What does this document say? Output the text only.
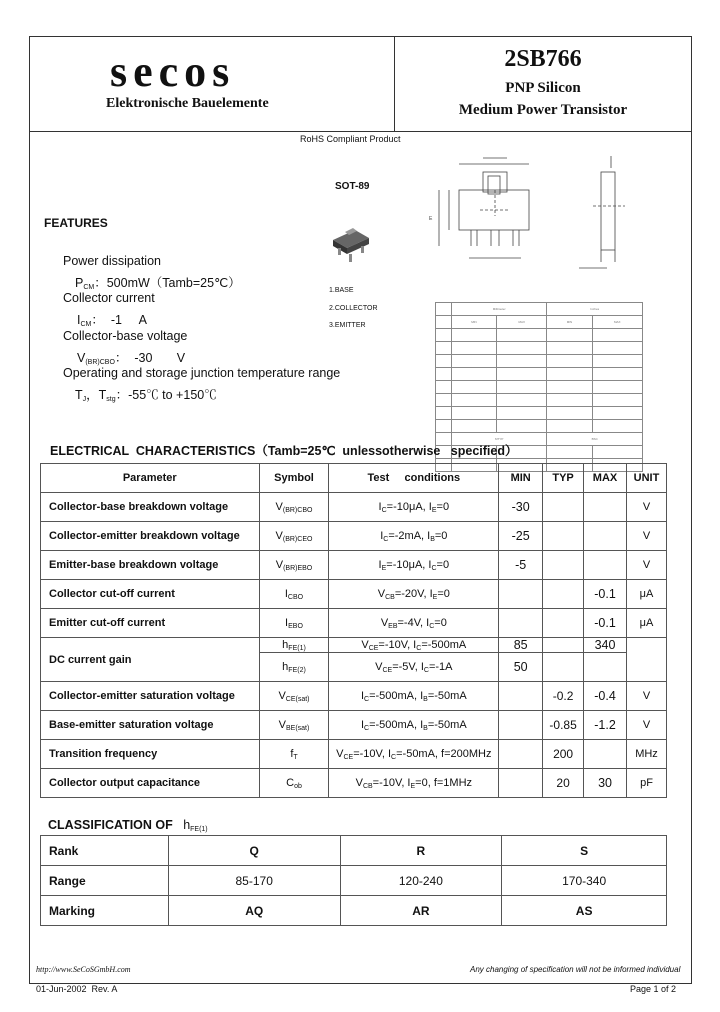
secos
Elektronische Bauelemente
2SB766
PNP Silicon
Medium Power Transistor
RoHS Compliant Product
SOT-89
1.BASE
2.COLLECTOR
3.EMITTER
E
	Millimeter		Inches	
	MIN	MAX	MIN	MAX

	MTYP		BSC	

FEATURES
Power dissipation
$P_{CM}$：500mW（Tamb=25℃）
Collector current
$I_{CM}$：  -1     A
Collector-base voltage
$V_{(BR)CBO}$：  -30       V
Operating and storage junction temperature range
$T_J$，$T_{stg}$：-55℃ to +150℃
ELECTRICAL  CHARACTERISTICS（Tamb=25℃  unlessotherwise   specified）
Parameter	Symbol	Test     conditions	MIN	TYP	MAX	UNIT
Collector-base breakdown voltage	$V_{(BR)CBO}$	$I_C=-10\mu A$, $I_E=0$	-30			V
Collector-emitter breakdown voltage	$V_{(BR)CEO}$	$I_C=-2mA$, $I_B=0$	-25			V
Emitter-base breakdown voltage	$V_{(BR)EBO}$	$I_E=-10\mu A$, $I_C=0$	-5			V
Collector cut-off current	$I_{CBO}$	$V_{CB}=-20V$, $I_E=0$			-0.1	μA
Emitter cut-off current	$I_{EBO}$	$V_{EB}=-4V$, $I_C=0$			-0.1	μA
DC current gain	$h_{FE(1)}$	$V_{CE}=-10V$, $I_C=-500mA$	85		340	
	$h_{FE(2)}$	$V_{CE}=-5V$, $I_C=-1A$	50			
Collector-emitter saturation voltage	$V_{CE(sat)}$	$I_C=-500mA$, $I_B=-50mA$		-0.2	-0.4	V
Base-emitter saturation voltage	$V_{BE(sat)}$	$I_C=-500mA$, $I_B=-50mA$		-0.85	-1.2	V
Transition frequency	$f_T$	$V_{CE}=-10V$, $I_C=-50mA$, f=200MHz		200		MHz
Collector output capacitance	$C_{ob}$	$V_{CB}=-10V$, $I_E=0$, f=1MHz		20	30	pF
CLASSIFICATION OF $h_{FE(1)}$
Rank	Q	R	S
Range	85-170	120-240	170-340
Marking	AQ	AR	AS
http://www.SeCoSGmbH.com	Any changing of specification will not be informed individual
01-Jun-2002  Rev. A	Page 1 of 2
